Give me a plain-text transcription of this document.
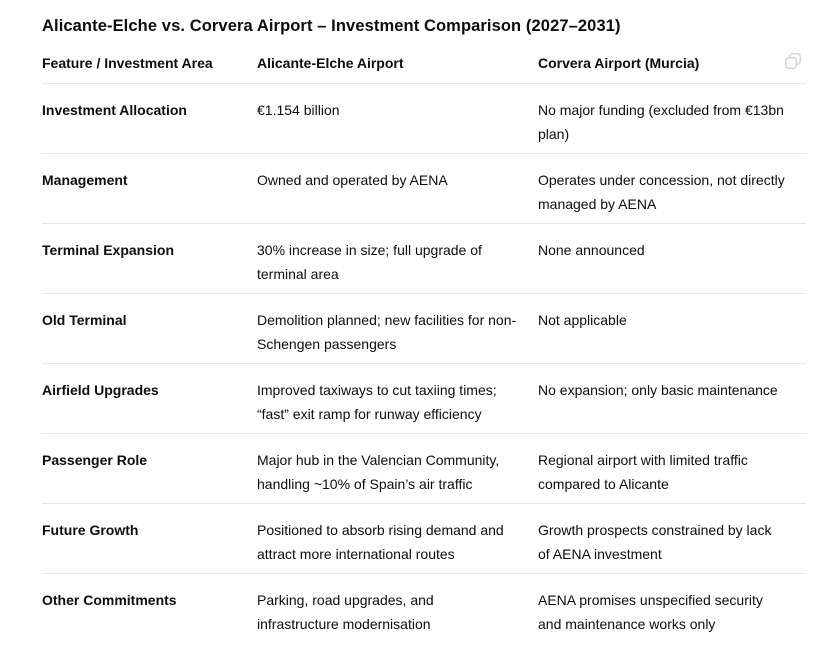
Alicante-Elche vs. Corvera Airport – Investment Comparison (2027–2031)
Feature / Investment Area	Alicante-Elche Airport	Corvera Airport (Murcia)
Investment Allocation	€1.154 billion	No major funding (excluded from €13bn plan)
Management	Owned and operated by AENA	Operates under concession, not directly managed by AENA
Terminal Expansion	30% increase in size; full upgrade of terminal area	None announced
Old Terminal	Demolition planned; new facilities for non-Schengen passengers	Not applicable
Airfield Upgrades	Improved taxiways to cut taxiing times; “fast” exit ramp for runway efficiency	No expansion; only basic maintenance
Passenger Role	Major hub in the Valencian Community, handling ~10% of Spain’s air traffic	Regional airport with limited traffic compared to Alicante
Future Growth	Positioned to absorb rising demand and attract more international routes	Growth prospects constrained by lack of AENA investment
Other Commitments	Parking, road upgrades, and infrastructure modernisation	AENA promises unspecified security and maintenance works only
